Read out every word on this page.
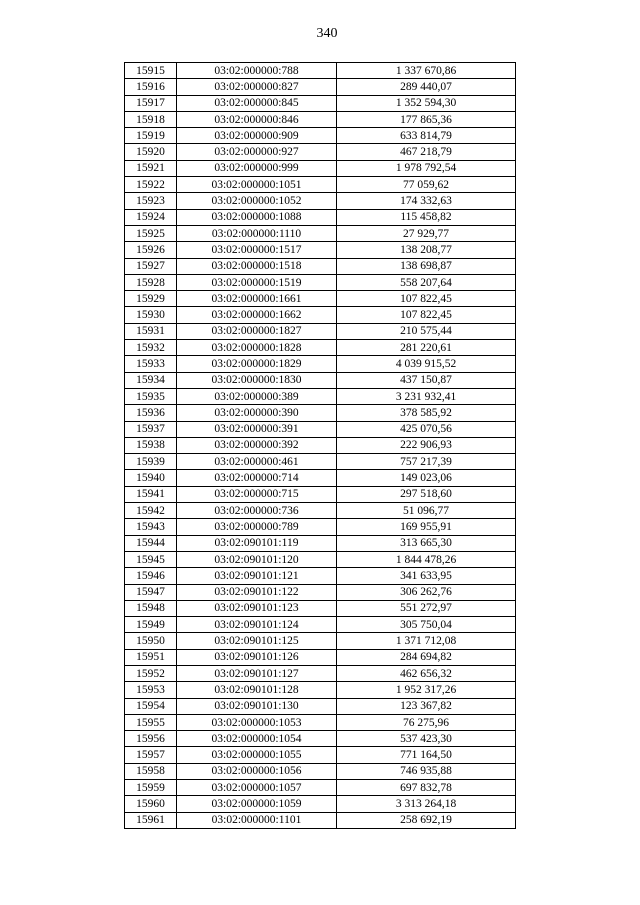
340
15915	03:02:000000:788	1 337 670,86
15916	03:02:000000:827	289 440,07
15917	03:02:000000:845	1 352 594,30
15918	03:02:000000:846	177 865,36
15919	03:02:000000:909	633 814,79
15920	03:02:000000:927	467 218,79
15921	03:02:000000:999	1 978 792,54
15922	03:02:000000:1051	77 059,62
15923	03:02:000000:1052	174 332,63
15924	03:02:000000:1088	115 458,82
15925	03:02:000000:1110	27 929,77
15926	03:02:000000:1517	138 208,77
15927	03:02:000000:1518	138 698,87
15928	03:02:000000:1519	558 207,64
15929	03:02:000000:1661	107 822,45
15930	03:02:000000:1662	107 822,45
15931	03:02:000000:1827	210 575,44
15932	03:02:000000:1828	281 220,61
15933	03:02:000000:1829	4 039 915,52
15934	03:02:000000:1830	437 150,87
15935	03:02:000000:389	3 231 932,41
15936	03:02:000000:390	378 585,92
15937	03:02:000000:391	425 070,56
15938	03:02:000000:392	222 906,93
15939	03:02:000000:461	757 217,39
15940	03:02:000000:714	149 023,06
15941	03:02:000000:715	297 518,60
15942	03:02:000000:736	51 096,77
15943	03:02:000000:789	169 955,91
15944	03:02:090101:119	313 665,30
15945	03:02:090101:120	1 844 478,26
15946	03:02:090101:121	341 633,95
15947	03:02:090101:122	306 262,76
15948	03:02:090101:123	551 272,97
15949	03:02:090101:124	305 750,04
15950	03:02:090101:125	1 371 712,08
15951	03:02:090101:126	284 694,82
15952	03:02:090101:127	462 656,32
15953	03:02:090101:128	1 952 317,26
15954	03:02:090101:130	123 367,82
15955	03:02:000000:1053	76 275,96
15956	03:02:000000:1054	537 423,30
15957	03:02:000000:1055	771 164,50
15958	03:02:000000:1056	746 935,88
15959	03:02:000000:1057	697 832,78
15960	03:02:000000:1059	3 313 264,18
15961	03:02:000000:1101	258 692,19
